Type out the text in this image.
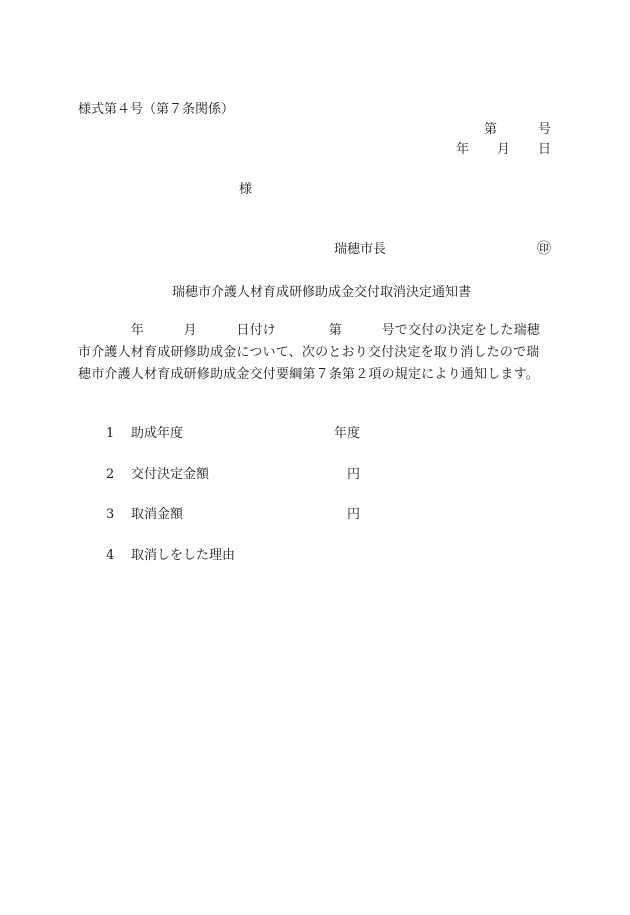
様式第４号（第７条関係）
第	号
年 月 日
様
瑞穂市長	㊞
瑞穂市介護人材育成研修助成金交付取消決定通知書
　　　　年　　　月　　　日付け　　　　第　　　号で交付の決定をした瑞穂
市介護人材育成研修助成金について、次のとおり交付決定を取り消したので瑞
穂市介護人材育成研修助成金交付要綱第７条第２項の規定により通知します。
1 助成年度	年度
2 交付決定金額	円
3 取消金額	円
4 取消しをした理由
